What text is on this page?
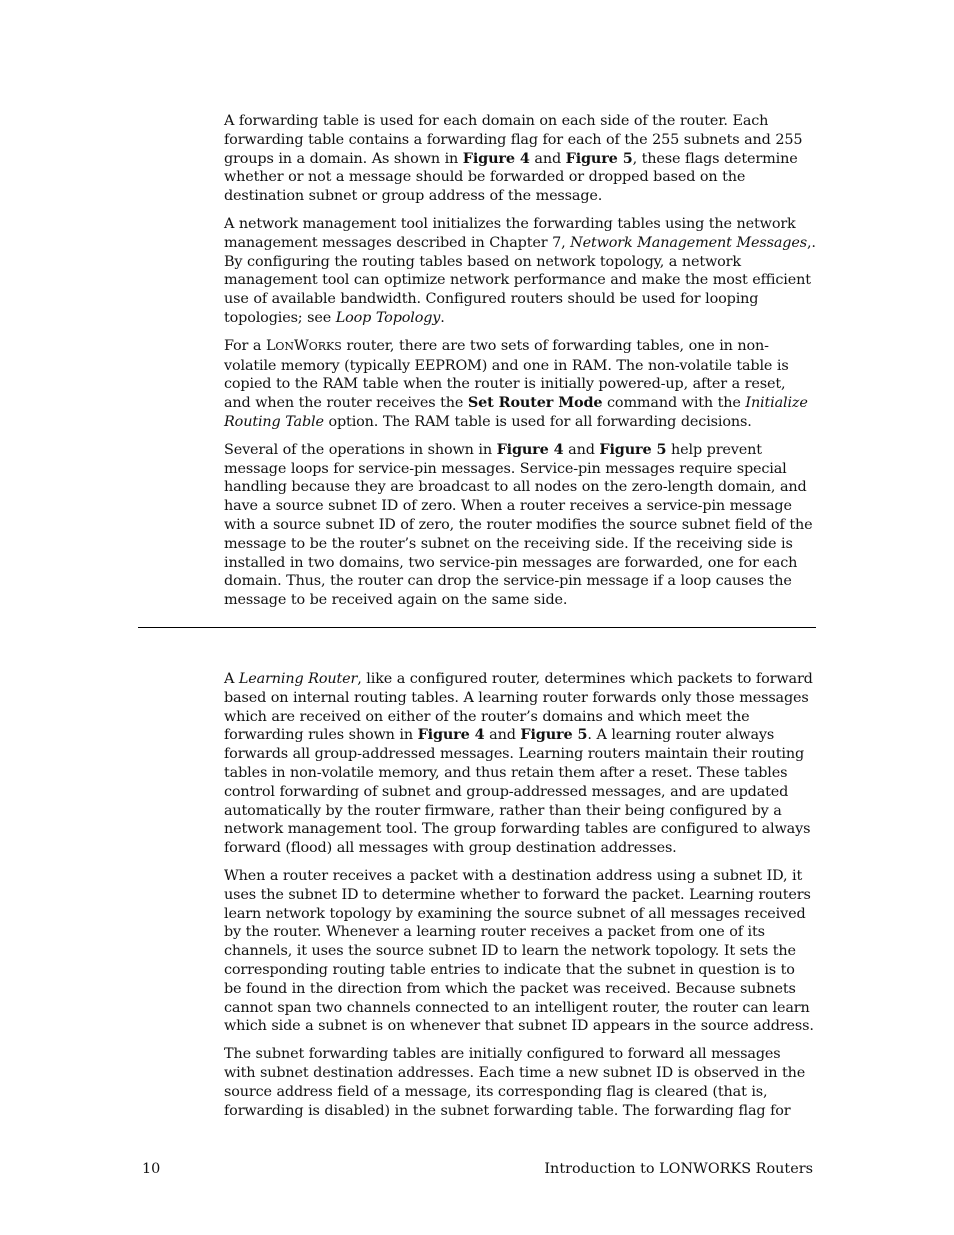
A forwarding table is used for each domain on each side of the router. Each forwarding table contains a forwarding flag for each of the 255 subnets and 255 groups in a domain. As shown in Figure 4 and Figure 5, these flags determine whether or not a message should be forwarded or dropped based on the destination subnet or group address of the message.

A network management tool initializes the forwarding tables using the network management messages described in Chapter 7, Network Management Messages,. By configuring the routing tables based on network topology, a network management tool can optimize network performance and make the most efficient use of available bandwidth. Configured routers should be used for looping topologies; see Loop Topology.

For a LONWORKS router, there are two sets of forwarding tables, one in non-volatile memory (typically EEPROM) and one in RAM. The non-volatile table is copied to the RAM table when the router is initially powered-up, after a reset, and when the router receives the Set Router Mode command with the Initialize Routing Table option. The RAM table is used for all forwarding decisions.

Several of the operations in shown in Figure 4 and Figure 5 help prevent message loops for service-pin messages. Service-pin messages require special handling because they are broadcast to all nodes on the zero-length domain, and have a source subnet ID of zero. When a router receives a service-pin message with a source subnet ID of zero, the router modifies the source subnet field of the message to be the router’s subnet on the receiving side. If the receiving side is installed in two domains, two service-pin messages are forwarded, one for each domain. Thus, the router can drop the service-pin message if a loop causes the message to be received again on the same side.

A Learning Router, like a configured router, determines which packets to forward based on internal routing tables. A learning router forwards only those messages which are received on either of the router’s domains and which meet the forwarding rules shown in Figure 4 and Figure 5. A learning router always forwards all group-addressed messages. Learning routers maintain their routing tables in non-volatile memory, and thus retain them after a reset. These tables control forwarding of subnet and group-addressed messages, and are updated automatically by the router firmware, rather than their being configured by a network management tool. The group forwarding tables are configured to always forward (flood) all messages with group destination addresses.

When a router receives a packet with a destination address using a subnet ID, it uses the subnet ID to determine whether to forward the packet. Learning routers learn network topology by examining the source subnet of all messages received by the router. Whenever a learning router receives a packet from one of its channels, it uses the source subnet ID to learn the network topology. It sets the corresponding routing table entries to indicate that the subnet in question is to be found in the direction from which the packet was received. Because subnets cannot span two channels connected to an intelligent router, the router can learn which side a subnet is on whenever that subnet ID appears in the source address.

The subnet forwarding tables are initially configured to forward all messages with subnet destination addresses. Each time a new subnet ID is observed in the source address field of a message, its corresponding flag is cleared (that is, forwarding is disabled) in the subnet forwarding table. The forwarding flag for

10	Introduction to LONWORKS Routers
